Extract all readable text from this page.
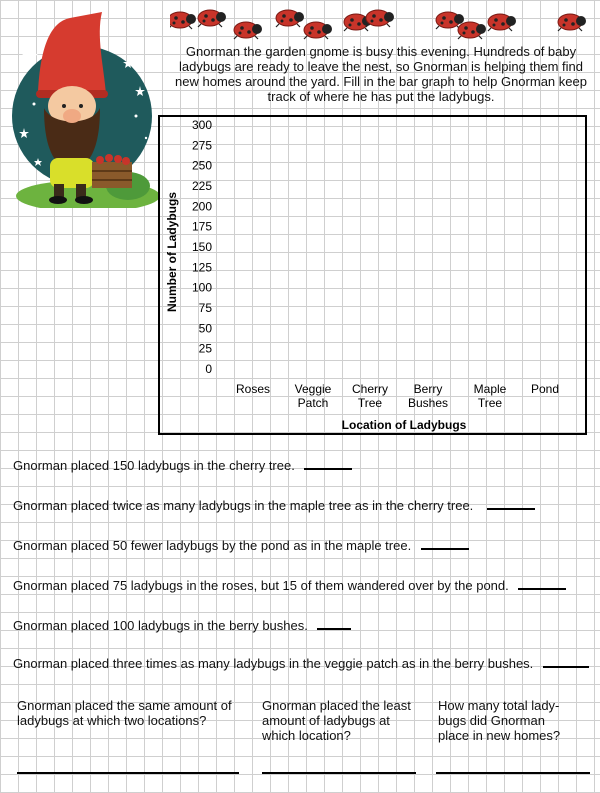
Gnorman the garden gnome is busy this evening. Hundreds of baby ladybugs are ready to leave the nest, so Gnorman is helping them find new homes around the yard. Fill in the bar graph to help Gnorman keep track of where he has put the ladybugs.

300
275
250
225
200
175
150
125
100
75
50
25
0
Number of Ladybugs
Roses Veggie Patch
Cherry Tree
Berry Bushes
Maple Tree
Pond
Location of Ladybugs

Gnorman placed 150 ladybugs in the cherry tree.

Gnorman placed twice as many ladybugs in the maple tree as in the cherry tree.

Gnorman placed 50 fewer ladybugs by the pond as in the maple tree.

Gnorman placed 75 ladybugs in the roses, but 15 of them wandered over by the pond.

Gnorman placed 100 ladybugs in the berry bushes.

Gnorman placed three times as many ladybugs in the veggie patch as in the berry bushes.

Gnorman placed the same amount of ladybugs at which two locations?

Gnorman placed the least amount of ladybugs at which location?

How many total lady-bugs did Gnorman place in new homes?
